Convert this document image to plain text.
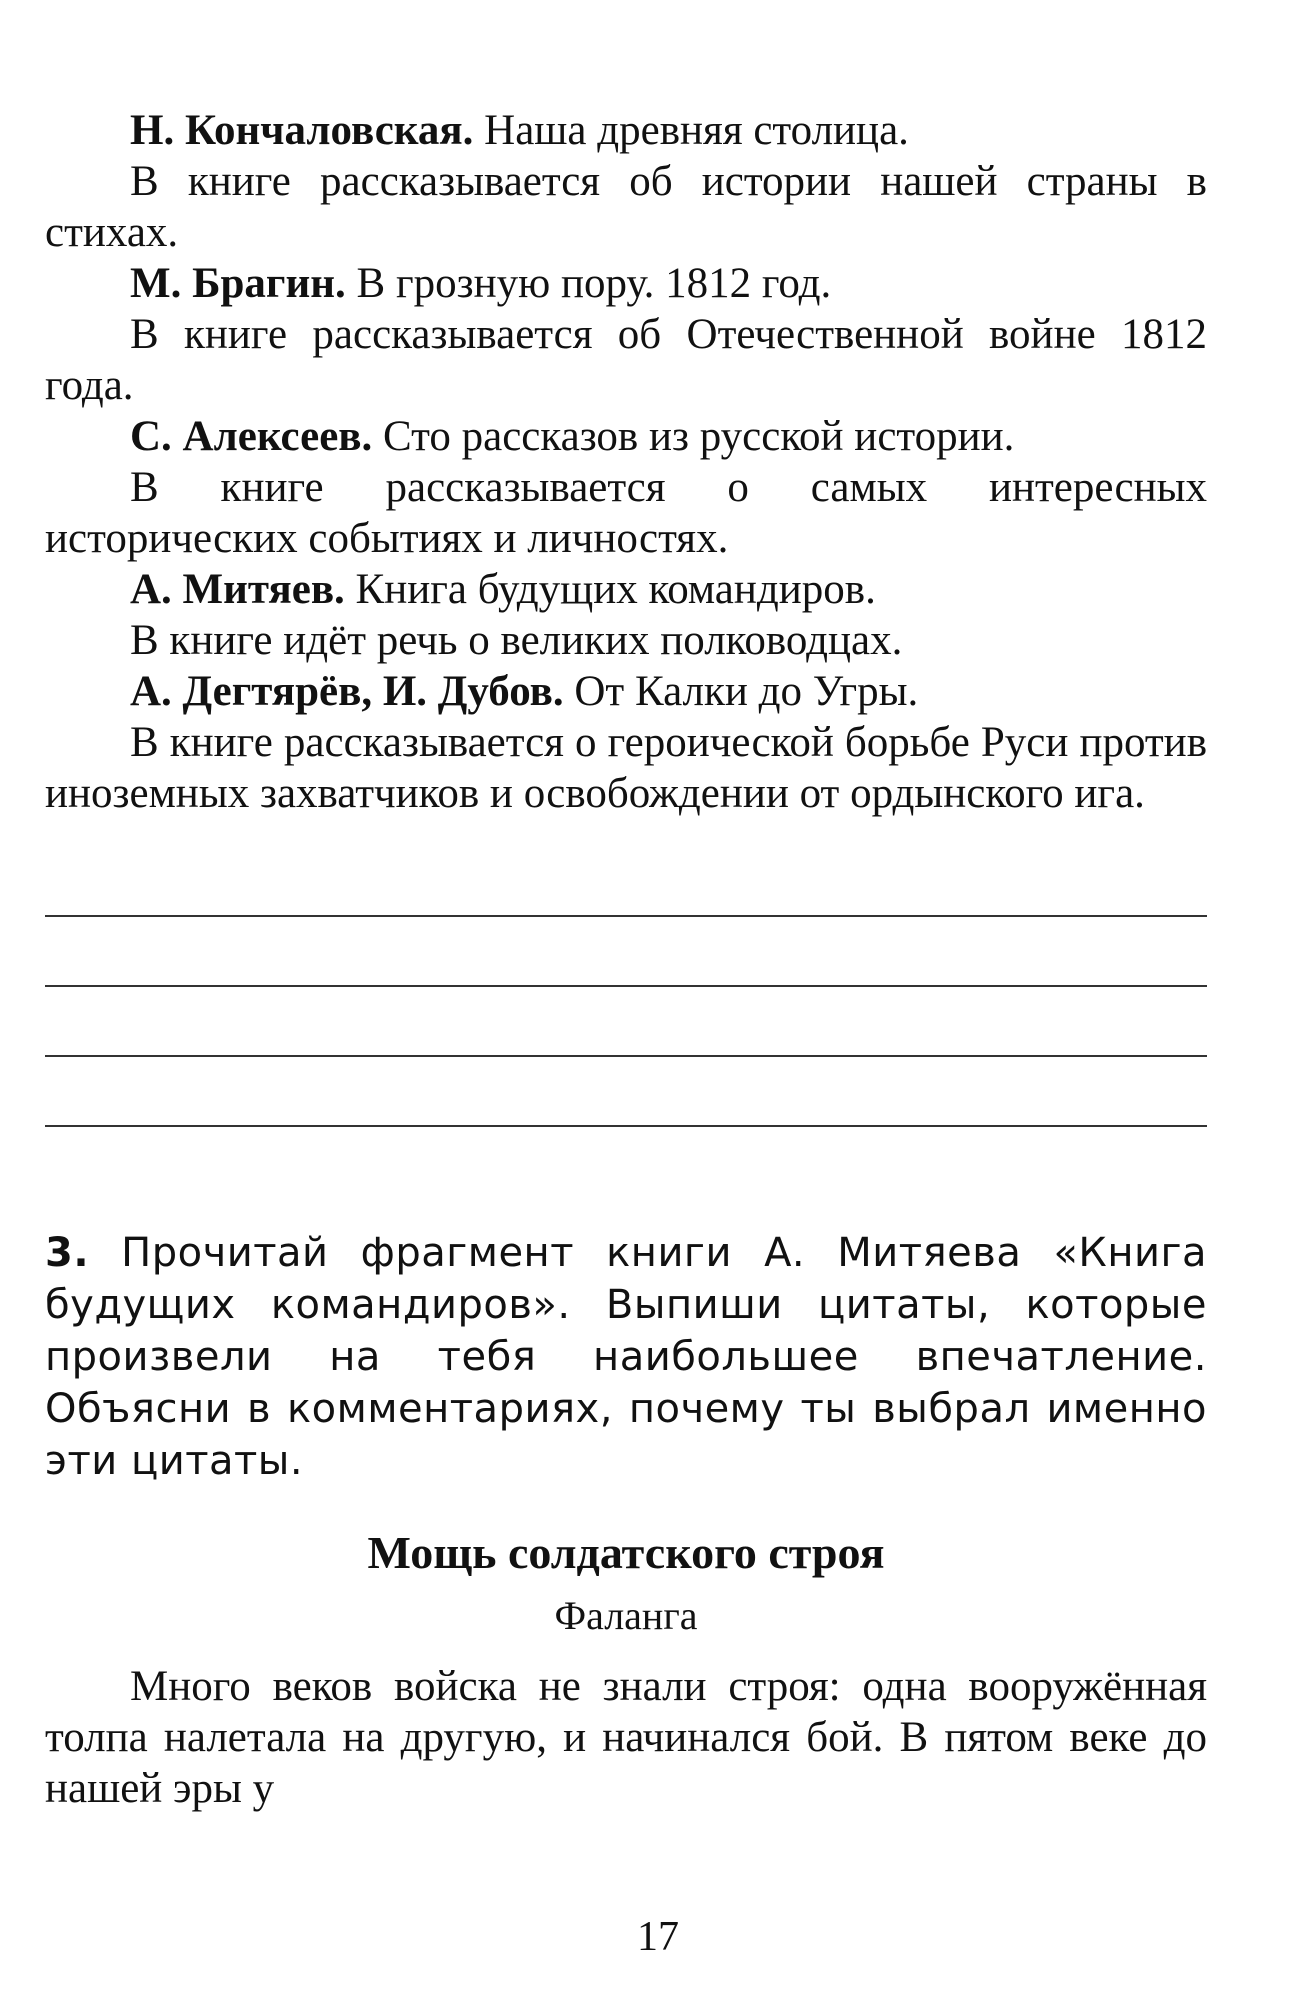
Н. Кончаловская. Наша древняя столица.

В книге рассказывается об истории нашей страны в стихах.

М. Брагин. В грозную пору. 1812 год.

В книге рассказывается об Отечественной войне 1812 года.

С. Алексеев. Сто рассказов из русской истории.

В книге рассказывается о самых интересных исторических событиях и личностях.

А. Митяев. Книга будущих командиров.

В книге идёт речь о великих полководцах.

А. Дегтярёв, И. Дубов. От Калки до Угры.

В книге рассказывается о героической борьбе Руси против иноземных захватчиков и освобождении от ордынского ига.

3. Прочитай фрагмент книги А. Митяева «Книга будущих командиров». Выпиши цитаты, которые произвели на тебя наибольшее впечатление. Объясни в комментариях, почему ты выбрал именно эти цитаты.
Мощь солдатского строя
Фаланга

Много веков войска не знали строя: одна вооружённая толпа налетала на другую, и начинался бой. В пятом веке до нашей эры у

17
